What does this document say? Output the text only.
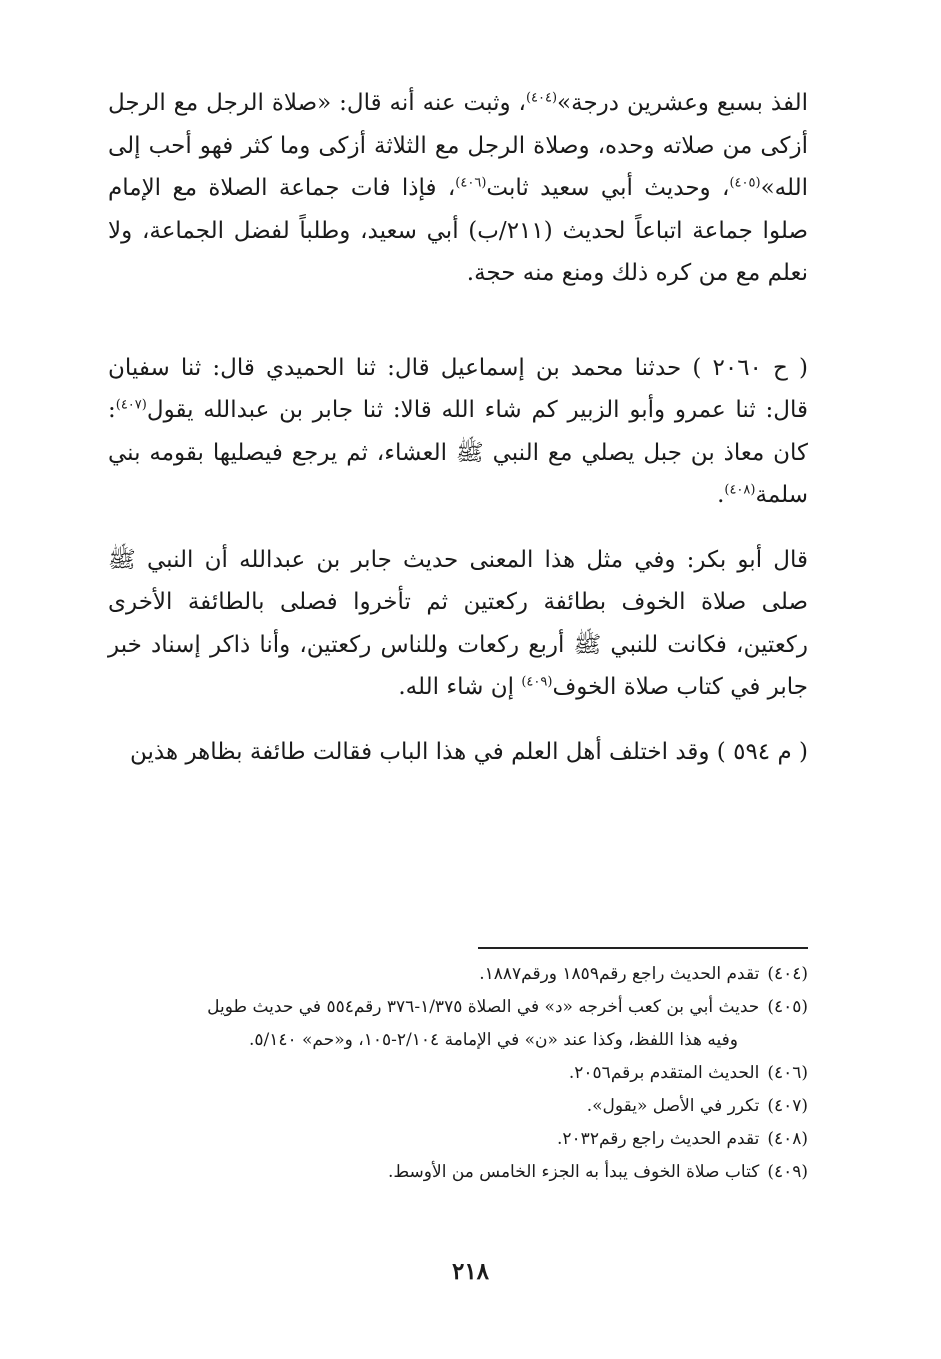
الفذ بسبع وعشرين درجة»$^{(٤٠٤)}$، وثبت عنه أنه قال: «صلاة الرجل مع الرجل أزكى من صلاته وحده، وصلاة الرجل مع الثلاثة أزكى وما كثر فهو أحب إلى الله»$^{(٤٠٥)}$، وحديث أبي سعيد ثابت$^{(٤٠٦)}$، فإذا فات جماعة الصلاة مع الإمام صلوا جماعة اتباعاً لحديث (٢١١/ب) أبي سعيد، وطلباً لفضل الجماعة، ولا نعلم مع من كره ذلك ومنع منه حجة.

( ح ٢٠٦٠ ) حدثنا محمد بن إسماعيل قال: ثنا الحميدي قال: ثنا سفيان قال: ثنا عمرو وأبو الزبير كم شاء الله قالا: ثنا جابر بن عبدالله يقول$^{(٤٠٧)}$: كان معاذ بن جبل يصلي مع النبي ﷺ العشاء، ثم يرجع فيصليها بقومه بني سلمة$^{(٤٠٨)}$.

قال أبو بكر: وفي مثل هذا المعنى حديث جابر بن عبدالله أن النبي ﷺ صلى صلاة الخوف بطائفة ركعتين ثم تأخروا فصلى بالطائفة الأخرى ركعتين، فكانت للنبي ﷺ أربع ركعات وللناس ركعتين، وأنا ذاكر إسناد خبر جابر في كتاب صلاة الخوف$^{(٤٠٩)}$ إن شاء الله.

( م ٥٩٤ ) وقد اختلف أهل العلم في هذا الباب فقالت طائفة بظاهر هذين

(٤٠٤)تقدم الحديث راجع رقم١٨٥٩ ورقم١٨٨٧.

(٤٠٥)حديث أبي بن كعب أخرجه «د» في الصلاة ١/٣٧٥-٣٧٦ رقم٥٥٤ في حديث طويل
وفيه هذا اللفظ، وكذا عند «ن» في الإمامة ٢/١٠٤-١٠٥، و«حم» ٥/١٤٠.

(٤٠٦)الحديث المتقدم برقم٢٠٥٦.

(٤٠٧)تكرر في الأصل «يقول».

(٤٠٨)تقدم الحديث راجع رقم٢٠٣٢.

(٤٠٩)كتاب صلاة الخوف يبدأ به الجزء الخامس من الأوسط.

٢١٨
